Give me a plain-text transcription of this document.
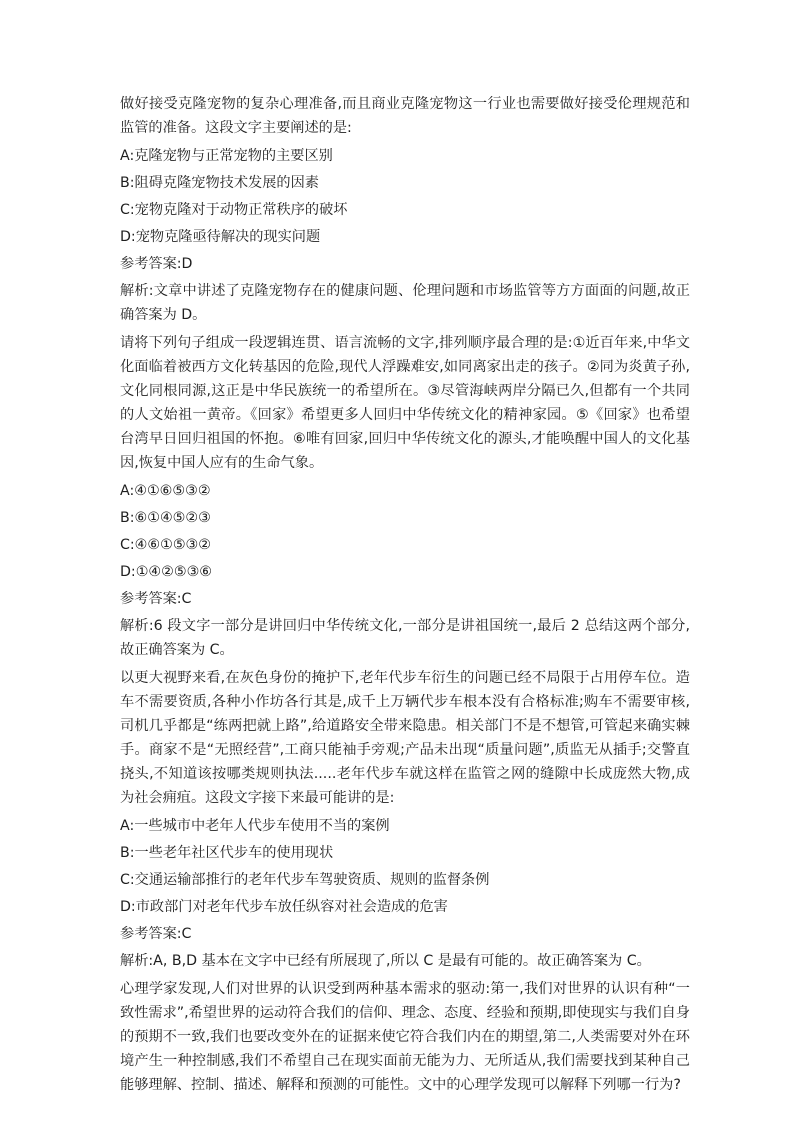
做好接受克隆宠物的复杂心理准备,而且商业克隆宠物这一行业也需要做好接受伦理规范和监管的准备。这段文字主要阐述的是:

A:克隆宠物与正常宠物的主要区别

B:阻碍克隆宠物技术发展的因素

C:宠物克隆对于动物正常秩序的破坏

D:宠物克隆亟待解决的现实问题

参考答案:D

解析:文章中讲述了克隆宠物存在的健康问题、伦理问题和市场监管等方方面面的问题,故正确答案为 D。

请将下列句子组成一段逻辑连贯、语言流畅的文字,排列顺序最合理的是:①近百年来,中华文化面临着被西方文化转基因的危险,现代人浮躁难安,如同离家出走的孩子。②同为炎黄子孙,文化同根同源,这正是中华民族统一的希望所在。③尽管海峡两岸分隔已久,但都有一个共同的人文始祖一黄帝。《回家》希望更多人回归中华传统文化的精神家园。⑤《回家》也希望台湾早日回归祖国的怀抱。⑥唯有回家,回归中华传统文化的源头,才能唤醒中国人的文化基因,恢复中国人应有的生命气象。

A:④①⑥⑤③②

B:⑥①④⑤②③

C:④⑥①⑤③②

D:①④②⑤③⑥

参考答案:C

解析:6 段文字一部分是讲回归中华传统文化,一部分是讲祖国统一,最后 2 总结这两个部分,故正确答案为 C。

以更大视野来看,在灰色身份的掩护下,老年代步车衍生的问题已经不局限于占用停车位。造车不需要资质,各种小作坊各行其是,成千上万辆代步车根本没有合格标准;购车不需要审核,司机几乎都是“练两把就上路”,给道路安全带来隐患。相关部门不是不想管,可管起来确实棘手。商家不是“无照经营”,工商只能袖手旁观;产品未出现“质量问题”,质监无从插手;交警直挠头,不知道该按哪类规则执法.....老年代步车就这样在监管之网的缝隙中长成庞然大物,成为社会痈疽。这段文字接下来最可能讲的是:

A:一些城市中老年人代步车使用不当的案例

B:一些老年社区代步车的使用现状

C:交通运输部推行的老年代步车驾驶资质、规则的监督条例

D:市政部门对老年代步车放任纵容对社会造成的危害

参考答案:C

解析:A, B,D 基本在文字中已经有所展现了,所以 C 是最有可能的。故正确答案为 C。

心理学家发现,人们对世界的认识受到两种基本需求的驱动:第一,我们对世界的认识有种“一致性需求”,希望世界的运动符合我们的信仰、理念、态度、经验和预期,即使现实与我们自身的预期不一致,我们也要改变外在的证据来使它符合我们内在的期望,第二,人类需要对外在环境产生一种控制感,我们不希望自己在现实面前无能为力、无所适从,我们需要找到某种自己能够理解、控制、描述、解释和预测的可能性。文中的心理学发现可以解释下列哪一行为?
